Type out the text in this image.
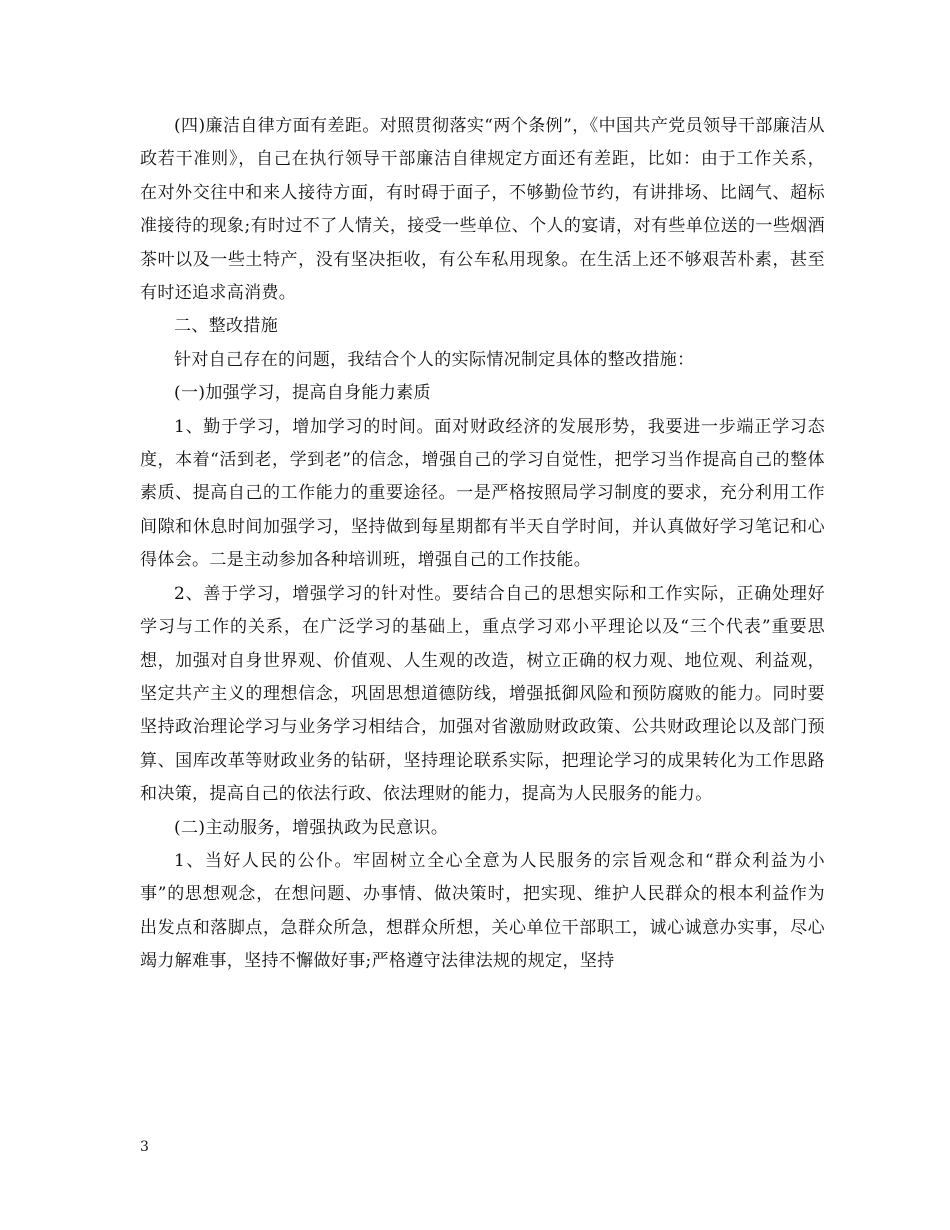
(四)廉洁自律方面有差距。对照贯彻落实“两个条例”，《中国共产党员领导干部廉洁从政若干准则》，自己在执行领导干部廉洁自律规定方面还有差距，比如：由于工作关系，在对外交往中和来人接待方面，有时碍于面子，不够勤俭节约，有讲排场、比阔气、超标准接待的现象;有时过不了人情关，接受一些单位、个人的宴请，对有些单位送的一些烟酒茶叶以及一些土特产，没有坚决拒收，有公车私用现象。在生活上还不够艰苦朴素，甚至有时还追求高消费。

二、整改措施

针对自己存在的问题，我结合个人的实际情况制定具体的整改措施：

(一)加强学习，提高自身能力素质

1、勤于学习，增加学习的时间。面对财政经济的发展形势，我要进一步端正学习态度，本着“活到老，学到老”的信念，增强自己的学习自觉性，把学习当作提高自己的整体素质、提高自己的工作能力的重要途径。一是严格按照局学习制度的要求，充分利用工作间隙和休息时间加强学习，坚持做到每星期都有半天自学时间，并认真做好学习笔记和心得体会。二是主动参加各种培训班，增强自己的工作技能。

2、善于学习，增强学习的针对性。要结合自己的思想实际和工作实际，正确处理好学习与工作的关系，在广泛学习的基础上，重点学习邓小平理论以及“三个代表”重要思想，加强对自身世界观、价值观、人生观的改造，树立正确的权力观、地位观、利益观，坚定共产主义的理想信念，巩固思想道德防线，增强抵御风险和预防腐败的能力。同时要坚持政治理论学习与业务学习相结合，加强对省激励财政政策、公共财政理论以及部门预算、国库改革等财政业务的钻研，坚持理论联系实际，把理论学习的成果转化为工作思路和决策，提高自己的依法行政、依法理财的能力，提高为人民服务的能力。

(二)主动服务，增强执政为民意识。

1、当好人民的公仆。牢固树立全心全意为人民服务的宗旨观念和“群众利益为小事”的思想观念，在想问题、办事情、做决策时，把实现、维护人民群众的根本利益作为出发点和落脚点，急群众所急，想群众所想，关心单位干部职工，诚心诚意办实事，尽心竭力解难事，坚持不懈做好事;严格遵守法律法规的规定，坚持

3
